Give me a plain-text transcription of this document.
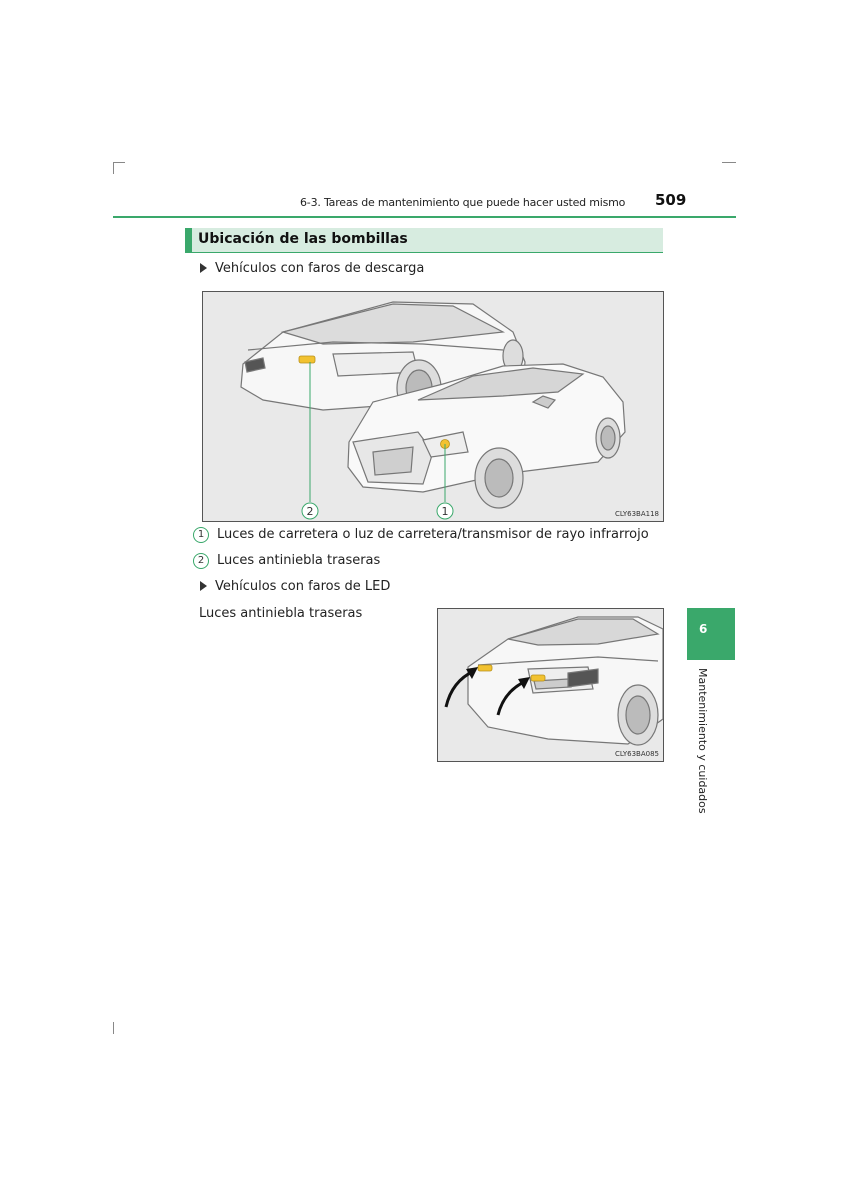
6-3. Tareas de mantenimiento que puede hacer usted mismo 509
Ubicación de las bombillas
Vehículos con faros de descarga
2	1	CLY63BA118
1 Luces de carretera o luz de carretera/transmisor de rayo infrarrojo
2 Luces antiniebla traseras
Vehículos con faros de LED
Luces antiniebla traseras
CLY63BA085
6
Mantenimiento y cuidados
